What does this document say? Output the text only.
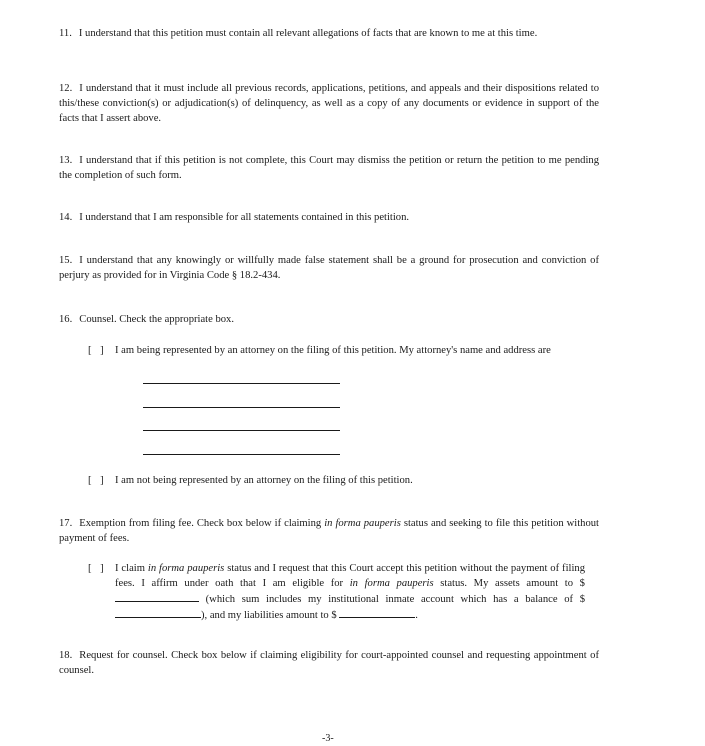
11. I understand that this petition must contain all relevant allegations of facts that are known to me at this time.

12. I understand that it must include all previous records, applications, petitions, and appeals and their dispositions related to this/these conviction(s) or adjudication(s) of delinquency, as well as a copy of any documents or evidence in support of the facts that I assert above.

13. I understand that if this petition is not complete, this Court may dismiss the petition or return the petition to me pending the completion of such form.

14. I understand that I am responsible for all statements contained in this petition.

15. I understand that any knowingly or willfully made false statement shall be a ground for prosecution and conviction of perjury as provided for in Virginia Code § 18.2-434.

16. Counsel. Check the appropriate box.

[ ] I am being represented by an attorney on the filing of this petition. My attorney's name and address are
[ ] I am not being represented by an attorney on the filing of this petition.

17. Exemption from filing fee. Check box below if claiming in forma pauperis status and seeking to file this petition without payment of fees.

[ ] I claim in forma pauperis status and I request that this Court accept this petition without the payment of filing fees. I affirm under oath that I am eligible for in forma pauperis status. My assets amount to $  (which sum includes my institutional inmate account which has a balance of $), and my liabilities amount to $	.

18. Request for counsel. Check box below if claiming eligibility for court-appointed counsel and requesting appointment of counsel.

-3-
